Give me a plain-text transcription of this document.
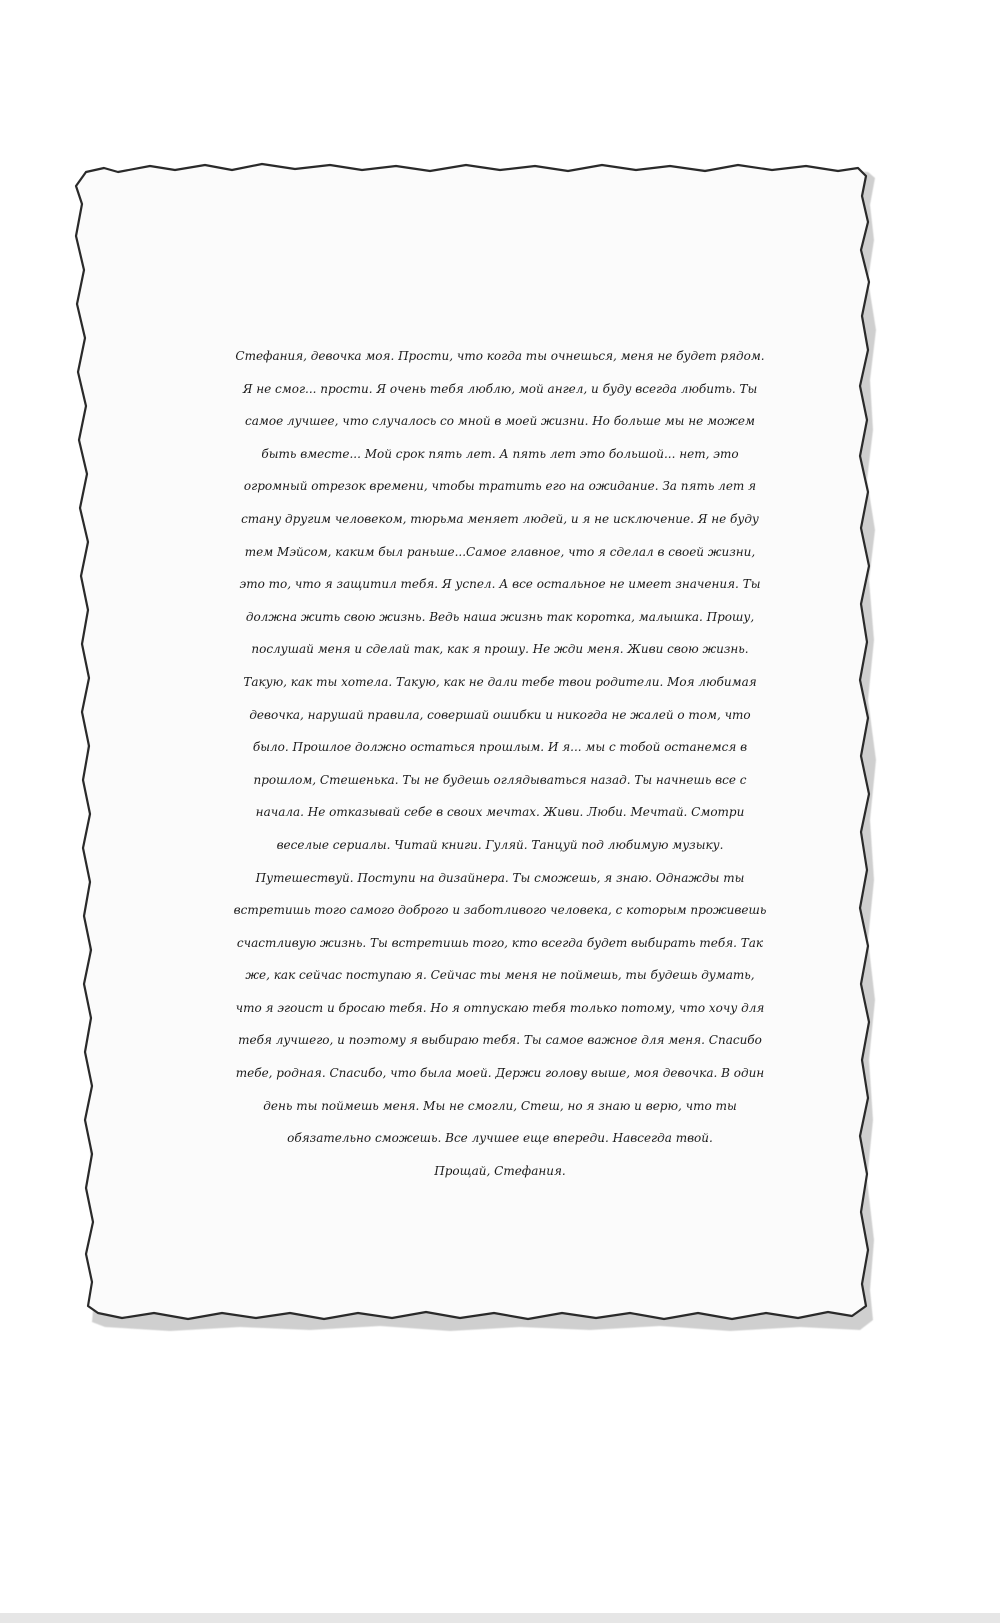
Стефания, девочка моя. Прости, что когда ты очнешься, меня не будет рядом.
Я не смог... прости. Я очень тебя люблю, мой ангел, и буду всегда любить. Ты
самое лучшее, что случалось со мной в моей жизни. Но больше мы не можем
быть вместе... Мой срок пять лет. А пять лет это большой... нет, это
огромный отрезок времени, чтобы тратить его на ожидание. За пять лет я
стану другим человеком, тюрьма меняет людей, и я не исключение. Я не буду
тем Мэйсом, каким был раньше...Самое главное, что я сделал в своей жизни,
это то, что я защитил тебя. Я успел. А все остальное не имеет значения. Ты
должна жить свою жизнь. Ведь наша жизнь так коротка, малышка. Прошу,
послушай меня и сделай так, как я прошу. Не жди меня. Живи свою жизнь.
Такую, как ты хотела. Такую, как не дали тебе твои родители. Моя любимая
девочка, нарушай правила, совершай ошибки и никогда не жалей о том, что
было. Прошлое должно остаться прошлым. И я... мы с тобой останемся в
прошлом, Стешенька. Ты не будешь оглядываться назад. Ты начнешь все с
начала. Не отказывай себе в своих мечтах. Живи. Люби. Мечтай. Смотри
веселые сериалы. Читай книги. Гуляй. Танцуй под любимую музыку.
Путешествуй. Поступи на дизайнера. Ты сможешь, я знаю. Однажды ты
встретишь того самого доброго и заботливого человека, с которым проживешь
счастливую жизнь. Ты встретишь того, кто всегда будет выбирать тебя. Так
же, как сейчас поступаю я. Сейчас ты меня не поймешь, ты будешь думать,
что я эгоист и бросаю тебя. Но я отпускаю тебя только потому, что хочу для
тебя лучшего, и поэтому я выбираю тебя. Ты самое важное для меня. Спасибо
тебе, родная. Спасибо, что была моей. Держи голову выше, моя девочка. В один
день ты поймешь меня. Мы не смогли, Стеш, но я знаю и верю, что ты
обязательно сможешь. Все лучшее еще впереди. Навсегда твой.
Прощай, Стефания.
